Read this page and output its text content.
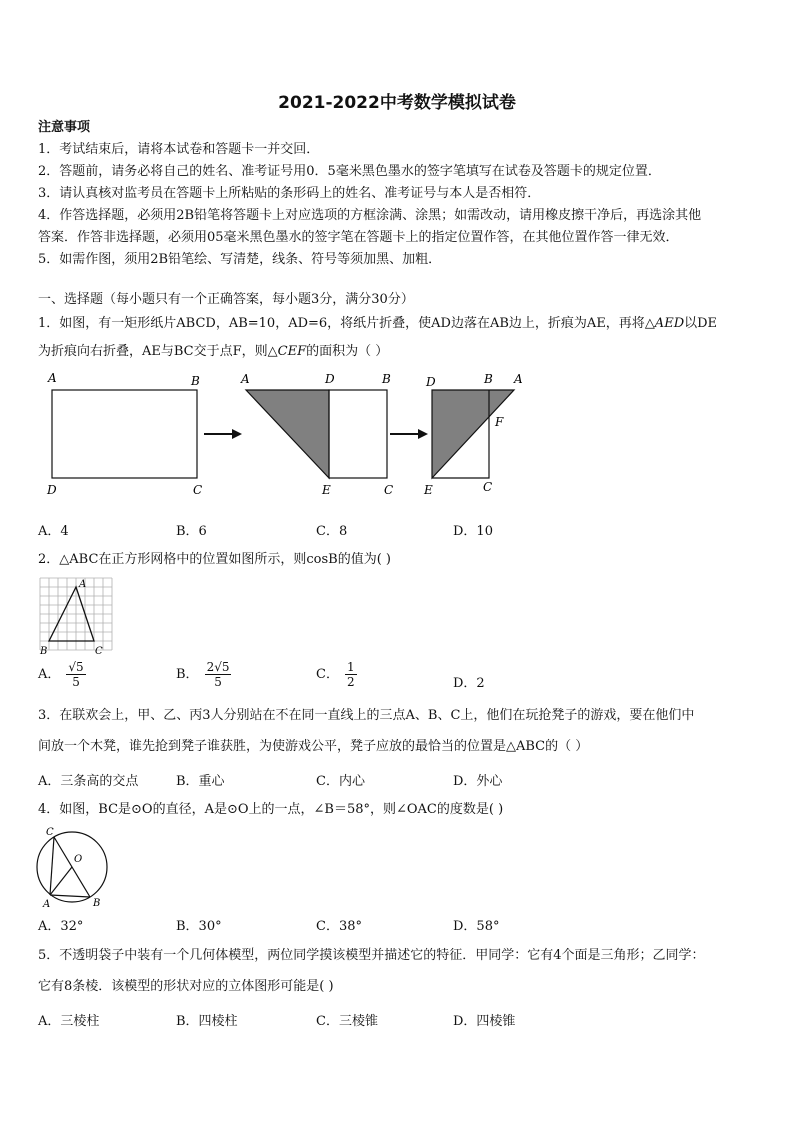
2021-2022中考数学模拟试卷
注意事项
1．考试结束后，请将本试卷和答题卡一并交回．
2．答题前，请务必将自己的姓名、准考证号用0．5毫米黑色墨水的签字笔填写在试卷及答题卡的规定位置．
3．请认真核对监考员在答题卡上所粘贴的条形码上的姓名、准考证号与本人是否相符．
4．作答选择题，必须用2B铅笔将答题卡上对应选项的方框涂满、涂黑；如需改动，请用橡皮擦干净后，再选涂其他
答案．作答非选择题，必须用05毫米黑色墨水的签字笔在答题卡上的指定位置作答，在其他位置作答一律无效．
5．如需作图，须用2B铅笔绘、写清楚，线条、符号等须加黑、加粗．
一、选择题（每小题只有一个正确答案，每小题3分，满分30分）
1．如图，有一矩形纸片ABCD，AB=10，AD=6，将纸片折叠，使AD边落在AB边上，折痕为AE，再将△AED以DE
为折痕向右折叠，AE与BC交于点F，则△CEF的面积为（ ）
A	B
D	C
A	D	B
E	C
D	B A
F
E	C
A．4	B．6	C．8	D．10
2．△ABC在正方形网格中的位置如图所示，则cosB的值为( )
A
B	C
A． $\frac{√5}{5}$	B． $\frac{2√5}{5}$	C． $\frac{1}{2}$	D．2
3．在联欢会上，甲、乙、丙3人分别站在不在同一直线上的三点A、B、C上，他们在玩抢凳子的游戏，要在他们中
间放一个木凳，谁先抢到凳子谁获胜，为使游戏公平，凳子应放的最恰当的位置是△ABC的（ ）
A．三条高的交点	B．重心	C．内心	D．外心
4．如图，BC是⊙O的直径，A是⊙O上的一点，∠B＝58°，则∠OAC的度数是( )
C
O
A	B
A．32°	B．30°	C．38°	D．58°
5．不透明袋子中装有一个几何体模型，两位同学摸该模型并描述它的特征．甲同学：它有4个面是三角形；乙同学：
它有8条棱．该模型的形状对应的立体图形可能是( )
A．三棱柱	B．四棱柱	C．三棱锥	D．四棱锥
